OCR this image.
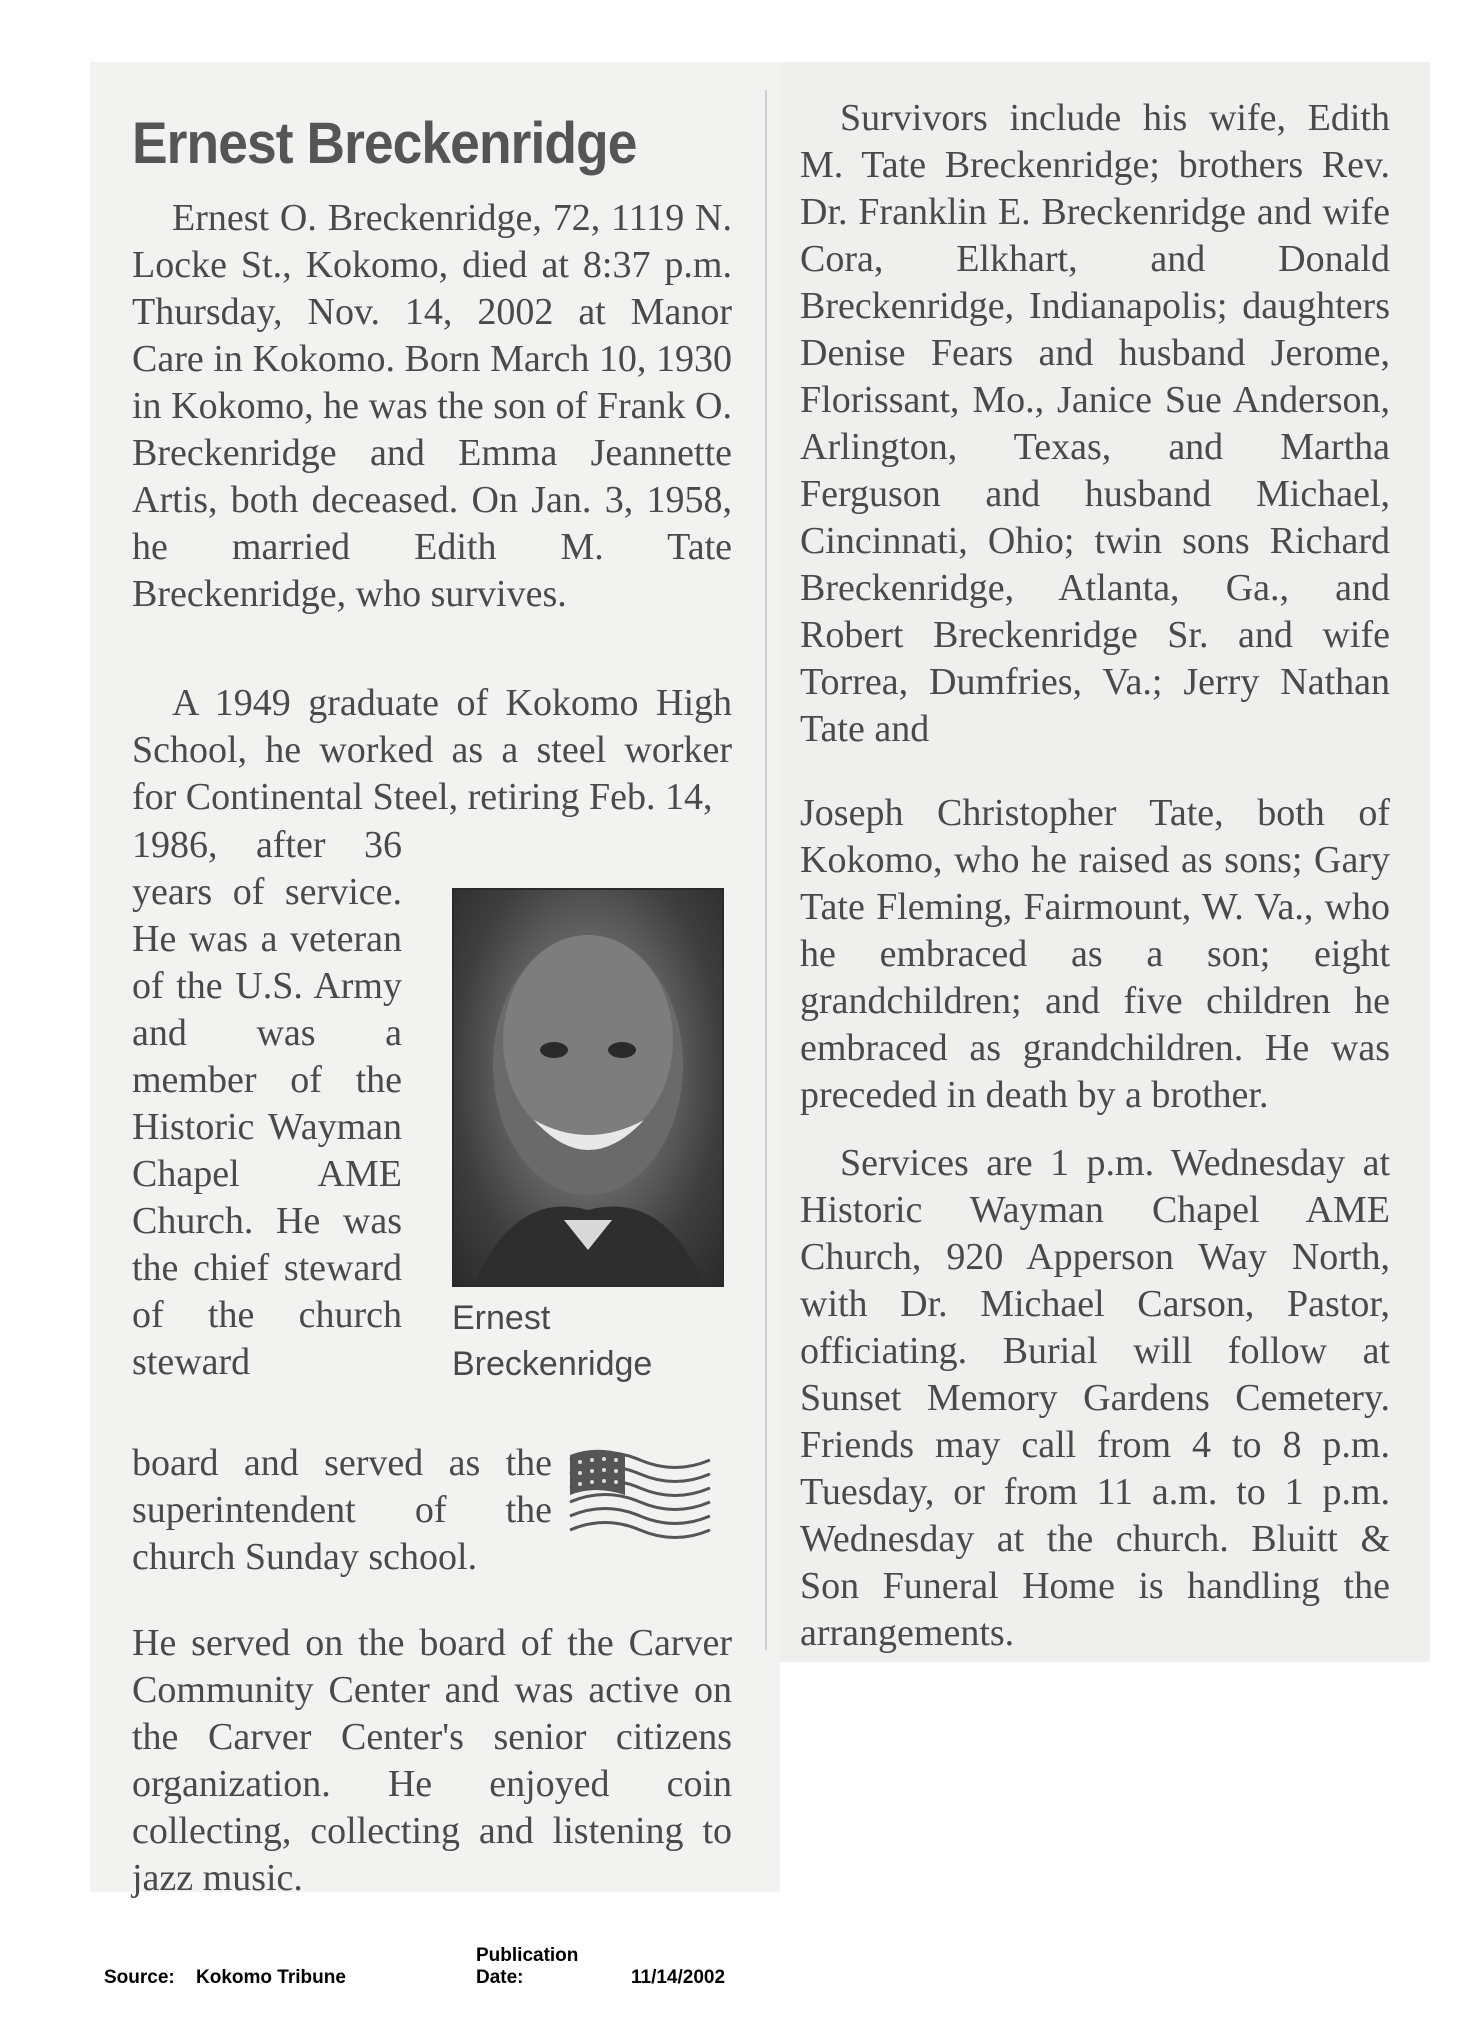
Ernest Breckenridge

Ernest O. Breckenridge, 72, 1119 N. Locke St., Kokomo, died at 8:37 p.m. Thursday, Nov. 14, 2002 at Manor Care in Kokomo. Born March 10, 1930 in Kokomo, he was the son of Frank O. Breckenridge and Emma Jeannette Artis, both deceased. On Jan. 3, 1958, he married Edith M. Tate Breckenridge, who survives.

A 1949 graduate of Kokomo High School, he worked as a steel worker for Continental Steel, retiring Feb. 14,

1986, after 36 years of service. He was a veteran of the U.S. Army and was a member of the Historic Wayman Chapel AME Church. He was the chief steward of the church steward

board and served as the superintendent of the church Sunday school.

He served on the board of the Carver Community Center and was active on the Carver Center's senior citizens organization. He enjoyed coin collecting, collecting and listening to jazz music.

Ernest
Breckenridge

Survivors include his wife, Edith M. Tate Breckenridge; brothers Rev. Dr. Franklin E. Breckenridge and wife Cora, Elkhart, and Donald Breckenridge, Indianapolis; daughters Denise Fears and husband Jerome, Florissant, Mo., Janice Sue Anderson, Arlington, Texas, and Martha Ferguson and husband Michael, Cincinnati, Ohio; twin sons Richard Breckenridge, Atlanta, Ga., and Robert Breckenridge Sr. and wife Torrea, Dumfries, Va.; Jerry Nathan Tate and

Joseph Christopher Tate, both of Kokomo, who he raised as sons; Gary Tate Fleming, Fairmount, W. Va., who he embraced as a son; eight grandchildren; and five children he embraced as grandchildren. He was preceded in death by a brother.

Services are 1 p.m. Wednesday at Historic Wayman Chapel AME Church, 920 Apperson Way North, with Dr. Michael Carson, Pastor, officiating. Burial will follow at Sunset Memory Gardens Cemetery. Friends may call from 4 to 8 p.m. Tuesday, or from 11 a.m. to 1 p.m. Wednesday at the church. Bluitt & Son Funeral Home is handling the arrangements.

Source: Kokomo TribunePublication Date:	11/14/2002
